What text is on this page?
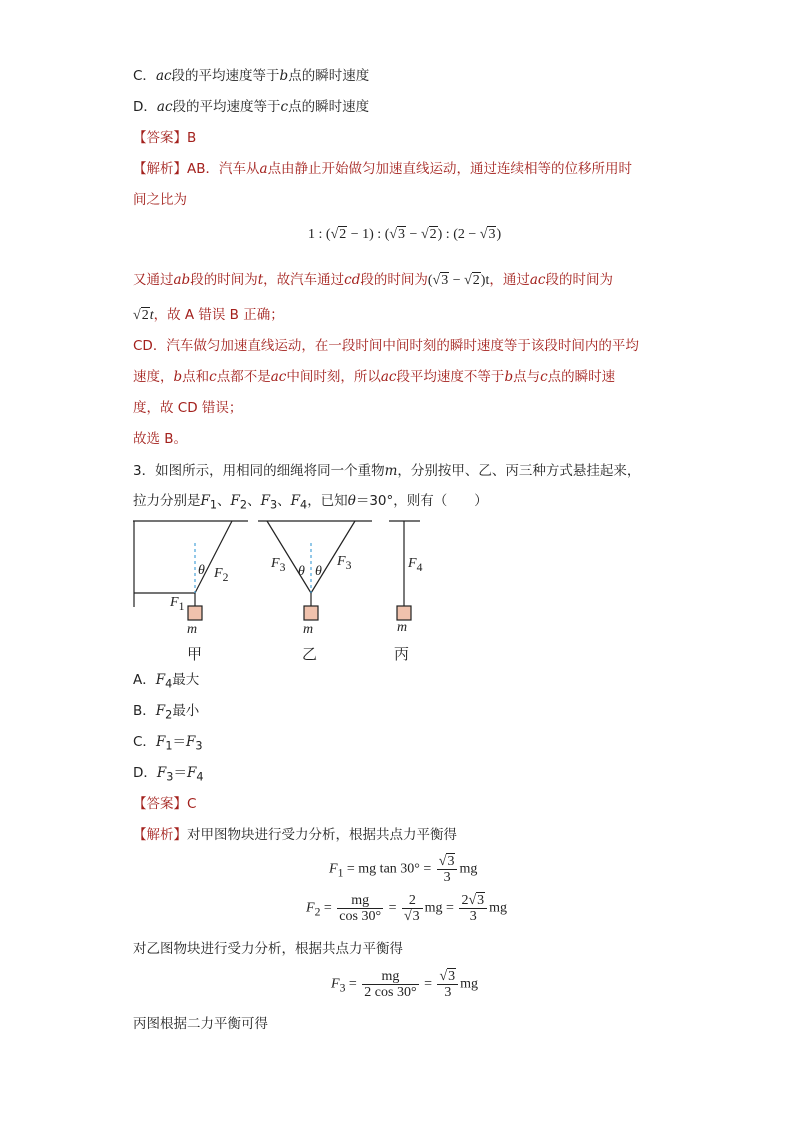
C．ac段的平均速度等于b点的瞬时速度
D．ac段的平均速度等于c点的瞬时速度
【答案】B
【解析】AB．汽车从a点由静止开始做匀加速直线运动，通过连续相等的位移所用时
间之比为
1 : (√2 − 1) : (√3 − √2) : (2 − √3)
又通过ab段的时间为t，故汽车通过cd段的时间为(√3 − √2)t，通过ac段的时间为
√2t，故 A 错误 B 正确；
CD．汽车做匀加速直线运动，在一段时间中间时刻的瞬时速度等于该段时间内的平均
速度，b点和c点都不是ac中间时刻，所以ac段平均速度不等于b点与c点的瞬时速
度，故 CD 错误；
故选 B。
3．如图所示，用相同的细绳将同一个重物m，分别按甲、乙、丙三种方式悬挂起来，
拉力分别是$F_1$、$F_2$、$F_3$、$F_4$，已知θ＝30°，则有（　　）
θ $F_2$
$F_1$
m
甲
$F_3$ θ θ
$F_3$
m
乙
$F_4$
m
丙
A．$F_4$最大
B．$F_2$最小
C．$F_1=F_3$
D．$F_3=F_4$
【答案】C
【解析】对甲图物块进行受力分析，根据共点力平衡得
$F_1$ = mg $\tan 30^\circ = \frac{√3}{3}$ mg
$F_2 = \frac{mg}{\cos 30^\circ} = \frac{2}{√3}$ mg = $\frac{2√3}{3}$ mg
对乙图物块进行受力分析，根据共点力平衡得
$F_3 = \frac{mg}{2 \cos 30^\circ} = \frac{√3}{3}$ mg
丙图根据二力平衡可得
